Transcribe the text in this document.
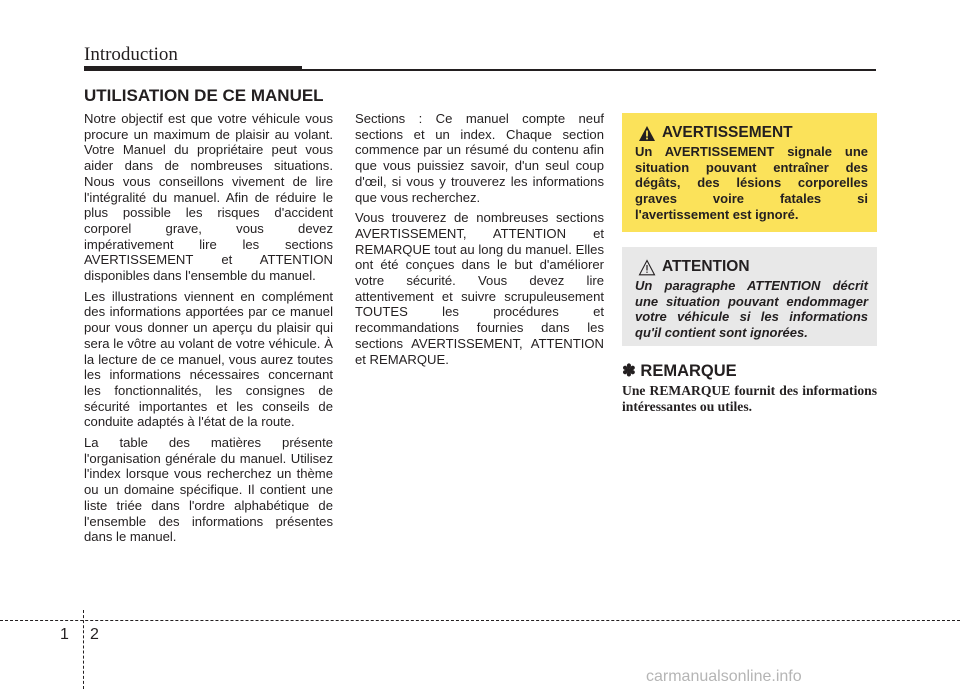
Introduction
UTILISATION DE CE MANUEL

Notre objectif est que votre véhicule vous procure un maximum de plaisir au volant. Votre Manuel du propriétaire peut vous aider dans de nombreuses situations. Nous vous conseillons vivement de lire l'intégralité du manuel. Afin de réduire le plus possible les risques d'accident corporel grave, vous devez impérativement lire les sections AVERTISSEMENT et ATTENTION disponibles dans l'ensemble du manuel.

Les illustrations viennent en complément des informations apportées par ce manuel pour vous donner un aperçu du plaisir qui sera le vôtre au volant de votre véhicule. À la lecture de ce manuel, vous aurez toutes les informations nécessaires concernant les fonctionnalités, les consignes de sécurité importantes et les conseils de conduite adaptés à l'état de la route.

La table des matières présente l'organisation générale du manuel. Utilisez l'index lorsque vous recherchez un thème ou un domaine spécifique. Il contient une liste triée dans l'ordre alphabétique de l'ensemble des informations présentes dans le manuel.

Sections : Ce manuel compte neuf sections et un index. Chaque section commence par un résumé du contenu afin que vous puissiez savoir, d'un seul coup d'œil, si vous y trouverez les informations que vous recherchez.

Vous trouverez de nombreuses sections AVERTISSEMENT, ATTENTION et REMARQUE tout au long du manuel. Elles ont été conçues dans le but d'améliorer votre sécurité. Vous devez lire attentivement et suivre scrupuleusement TOUTES les procédures et recommandations fournies dans les sections AVERTISSEMENT, ATTENTION et REMARQUE.

AVERTISSEMENT
Un AVERTISSEMENT signale une situation pouvant entraîner des dégâts, des lésions corporelles graves voire fatales si l'avertissement est ignoré.
ATTENTION
Un paragraphe ATTENTION décrit une situation pouvant endommager votre véhicule si les informations qu'il contient sont ignorées.
✽ REMARQUE
Une REMARQUE fournit des informations intéressantes ou utiles.
1 2
carmanualsonline.info
